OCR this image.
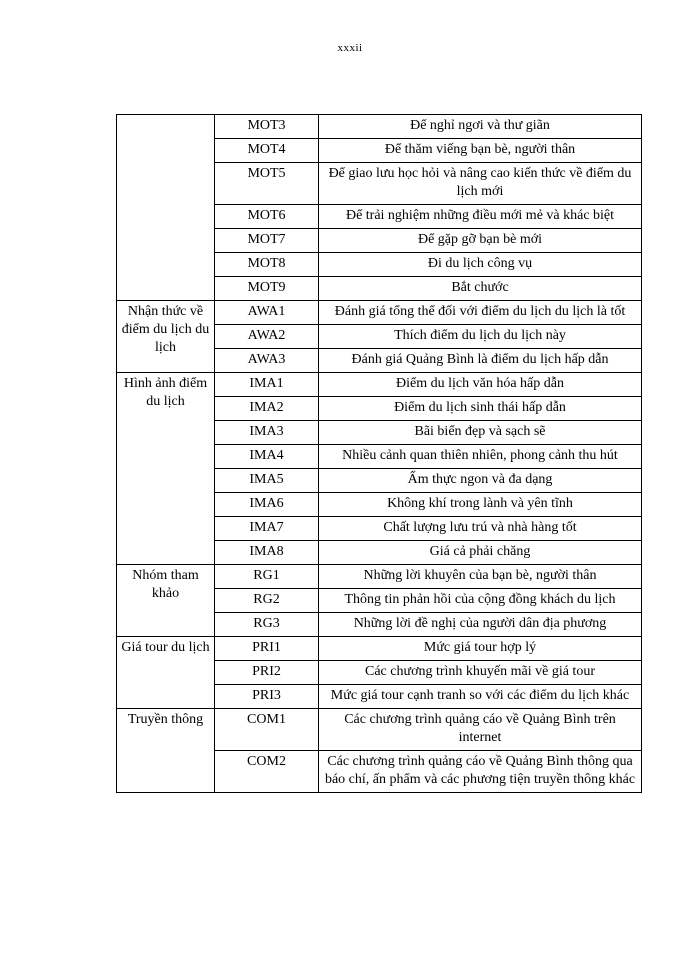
xxxii
	MOT3	Để nghỉ ngơi và thư giãn
	MOT4	Để thăm viếng bạn bè, người thân
	MOT5	Để giao lưu học hỏi và nâng cao kiến thức về điểm du lịch mới
	MOT6	Để trải nghiệm những điều mới mẻ và khác biệt
	MOT7	Để gặp gỡ bạn bè mới
	MOT8	Đi du lịch công vụ
	MOT9	Bắt chước
Nhận thức về điểm du lịch du lịch	AWA1	Đánh giá tổng thể đối với điểm du lịch du lịch là tốt
	AWA2	Thích điểm du lịch du lịch này
	AWA3	Đánh giá Quảng Bình là điểm du lịch hấp dẫn
Hình ảnh điểm du lịch	IMA1	Điểm du lịch văn hóa hấp dẫn
	IMA2	Điểm du lịch sinh thái hấp dẫn
	IMA3	Bãi biển đẹp và sạch sẽ
	IMA4	Nhiều cảnh quan thiên nhiên, phong cảnh thu hút
	IMA5	Ẩm thực ngon và đa dạng
	IMA6	Không khí trong lành và yên tĩnh
	IMA7	Chất lượng lưu trú và nhà hàng tốt
	IMA8	Giá cả phải chăng
Nhóm tham khảo	RG1	Những lời khuyên của bạn bè, người thân
	RG2	Thông tin phản hồi của cộng đồng khách du lịch
	RG3	Những lời đề nghị của người dân địa phương
Giá tour du lịch	PRI1	Mức giá tour hợp lý
	PRI2	Các chương trình khuyến mãi về giá tour
	PRI3	Mức giá tour cạnh tranh so với các điểm du lịch khác
Truyền thông	COM1	Các chương trình quảng cáo về Quảng Bình trên internet
	COM2	Các chương trình quảng cáo về Quảng Bình thông qua báo chí, ấn phẩm và các phương tiện truyền thông khác
